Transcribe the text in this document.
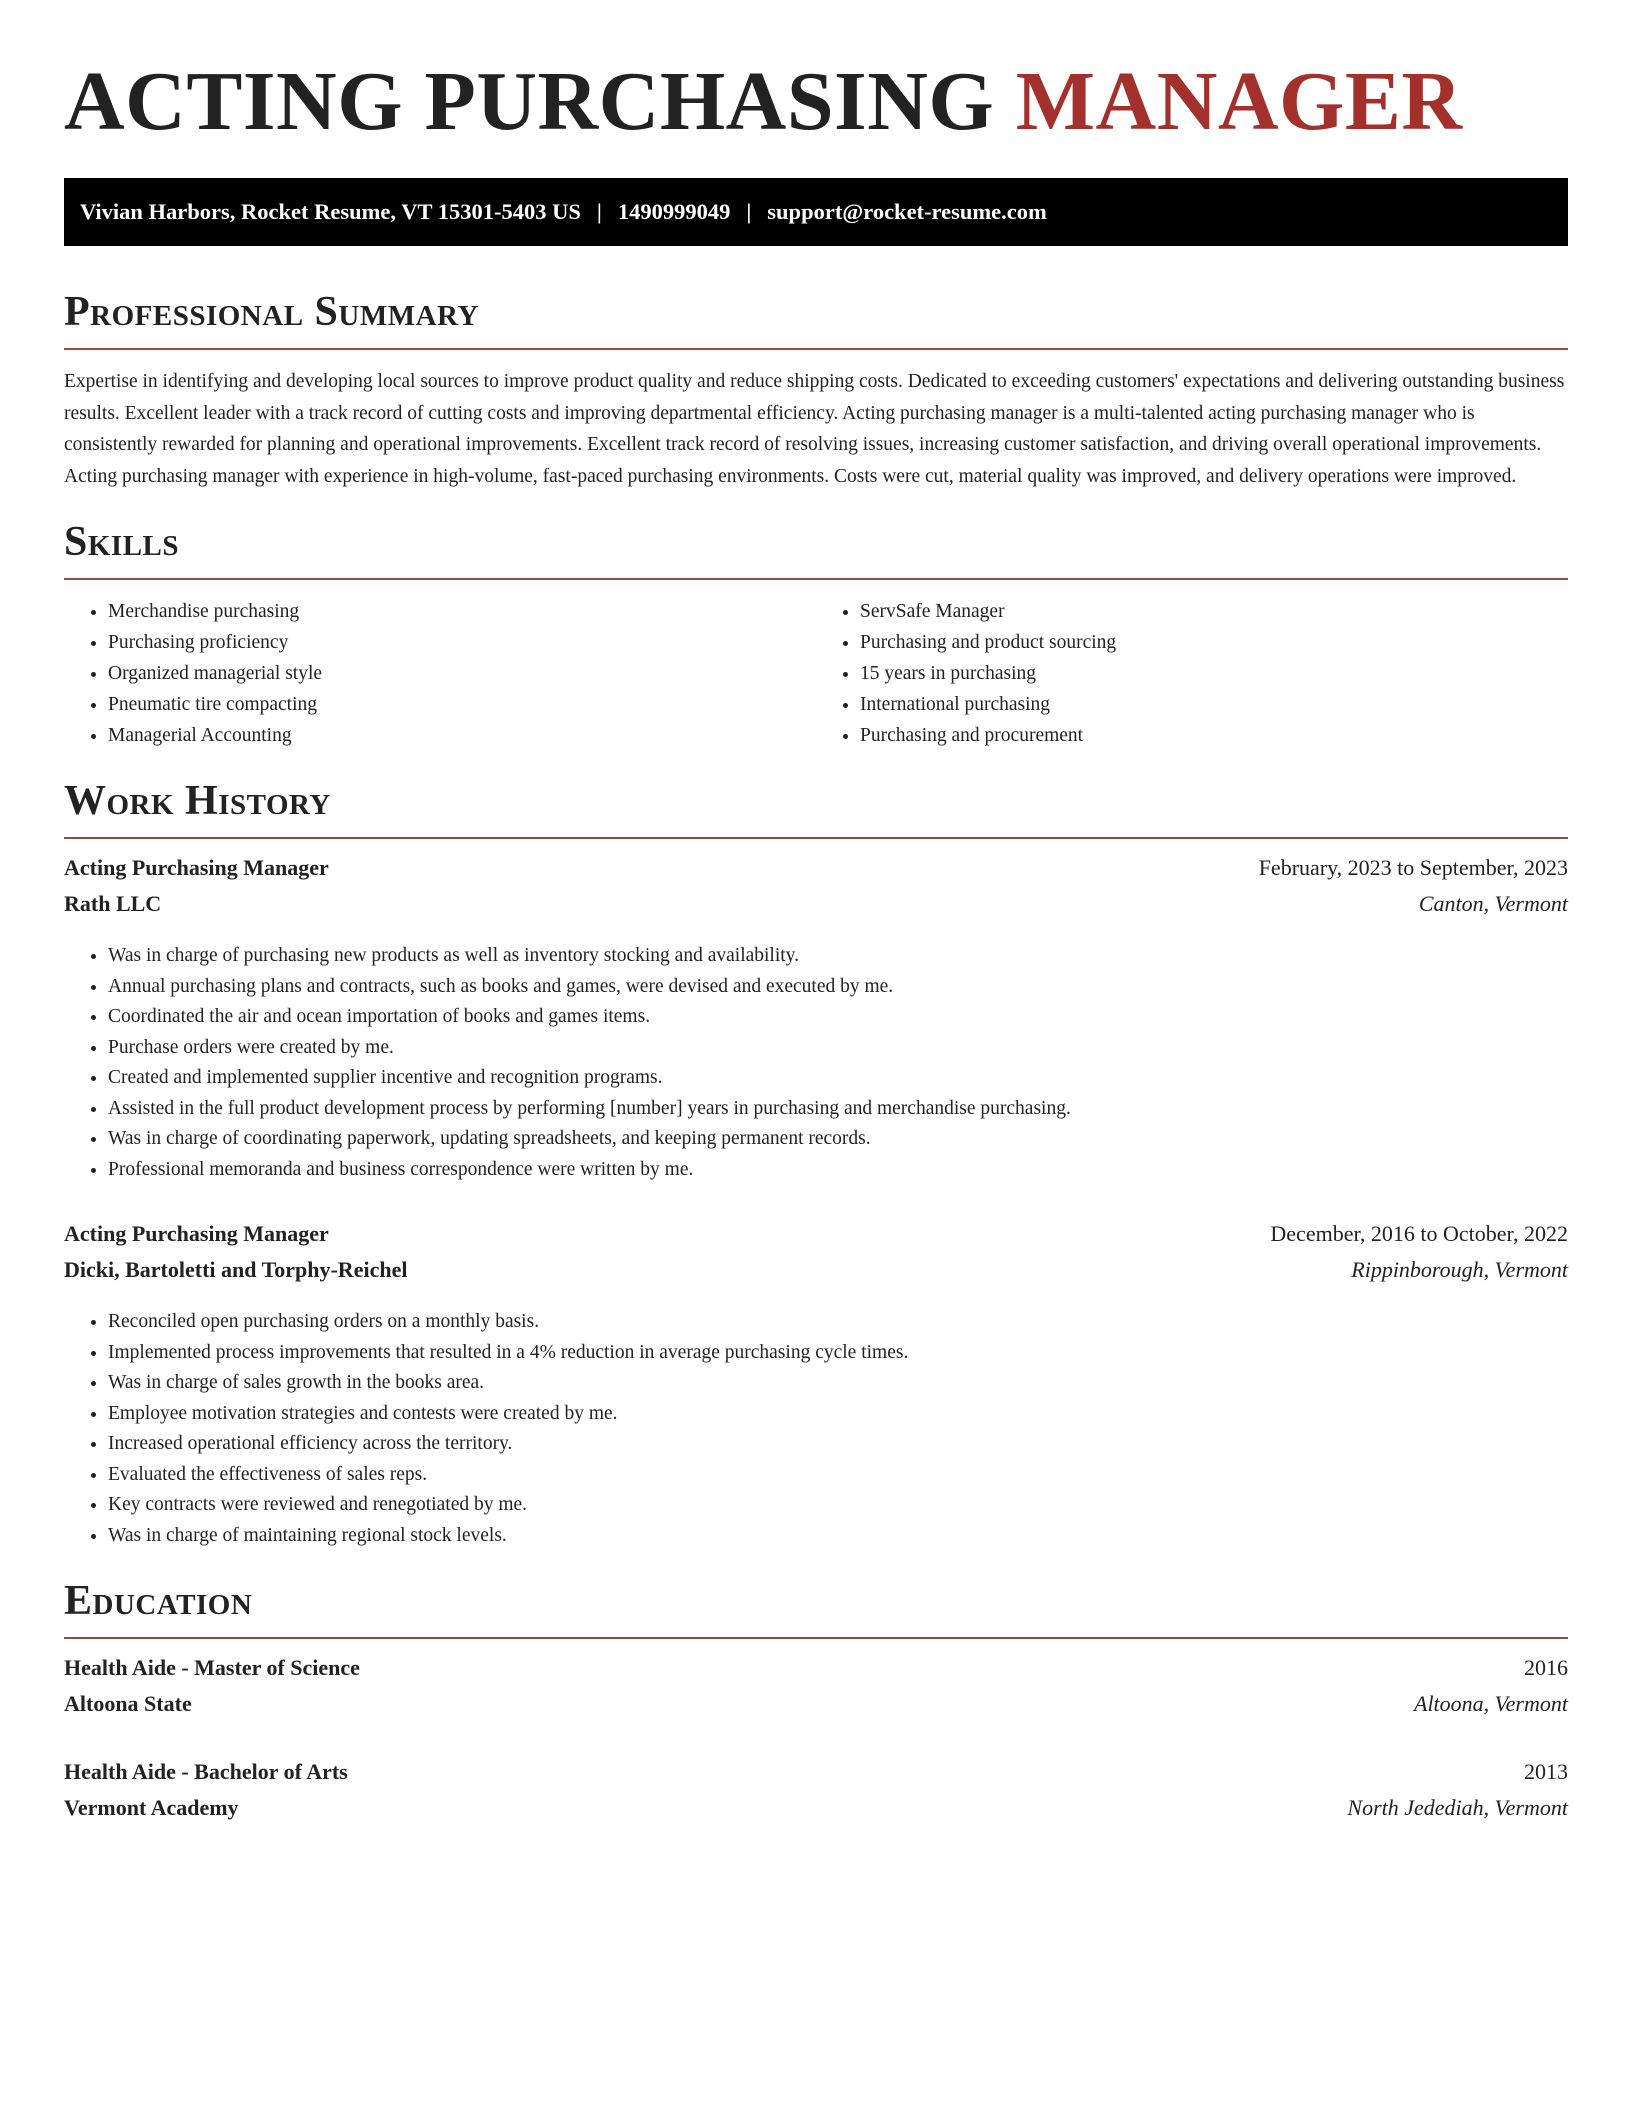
ACTING PURCHASING MANAGER
Vivian Harbors, Rocket Resume, VT 15301-5403 US | 1490999049 | support@rocket-resume.com
Professional Summary

Expertise in identifying and developing local sources to improve product quality and reduce shipping costs. Dedicated to exceeding customers' expectations and delivering outstanding business results. Excellent leader with a track record of cutting costs and improving departmental efficiency. Acting purchasing manager is a multi-talented acting purchasing manager who is consistently rewarded for planning and operational improvements. Excellent track record of resolving issues, increasing customer satisfaction, and driving overall operational improvements. Acting purchasing manager with experience in high-volume, fast-paced purchasing environments. Costs were cut, material quality was improved, and delivery operations were improved.

Skills
• Merchandise purchasing
• Purchasing proficiency
• Organized managerial style
• Pneumatic tire compacting
• Managerial Accounting
• ServSafe Manager
• Purchasing and product sourcing
• 15 years in purchasing
• International purchasing
• Purchasing and procurement
Work History
Acting Purchasing Manager	February, 2023 to September, 2023
Rath LLC	Canton, Vermont
• Was in charge of purchasing new products as well as inventory stocking and availability.
• Annual purchasing plans and contracts, such as books and games, were devised and executed by me.
• Coordinated the air and ocean importation of books and games items.
• Purchase orders were created by me.
• Created and implemented supplier incentive and recognition programs.
• Assisted in the full product development process by performing [number] years in purchasing and merchandise purchasing.
• Was in charge of coordinating paperwork, updating spreadsheets, and keeping permanent records.
• Professional memoranda and business correspondence were written by me.
Acting Purchasing Manager	December, 2016 to October, 2022
Dicki, Bartoletti and Torphy-Reichel	Rippinborough, Vermont
• Reconciled open purchasing orders on a monthly basis.
• Implemented process improvements that resulted in a 4% reduction in average purchasing cycle times.
• Was in charge of sales growth in the books area.
• Employee motivation strategies and contests were created by me.
• Increased operational efficiency across the territory.
• Evaluated the effectiveness of sales reps.
• Key contracts were reviewed and renegotiated by me.
• Was in charge of maintaining regional stock levels.
Education
Health Aide - Master of Science	2016
Altoona State	Altoona, Vermont
Health Aide - Bachelor of Arts	2013
Vermont Academy	North Jedediah, Vermont
